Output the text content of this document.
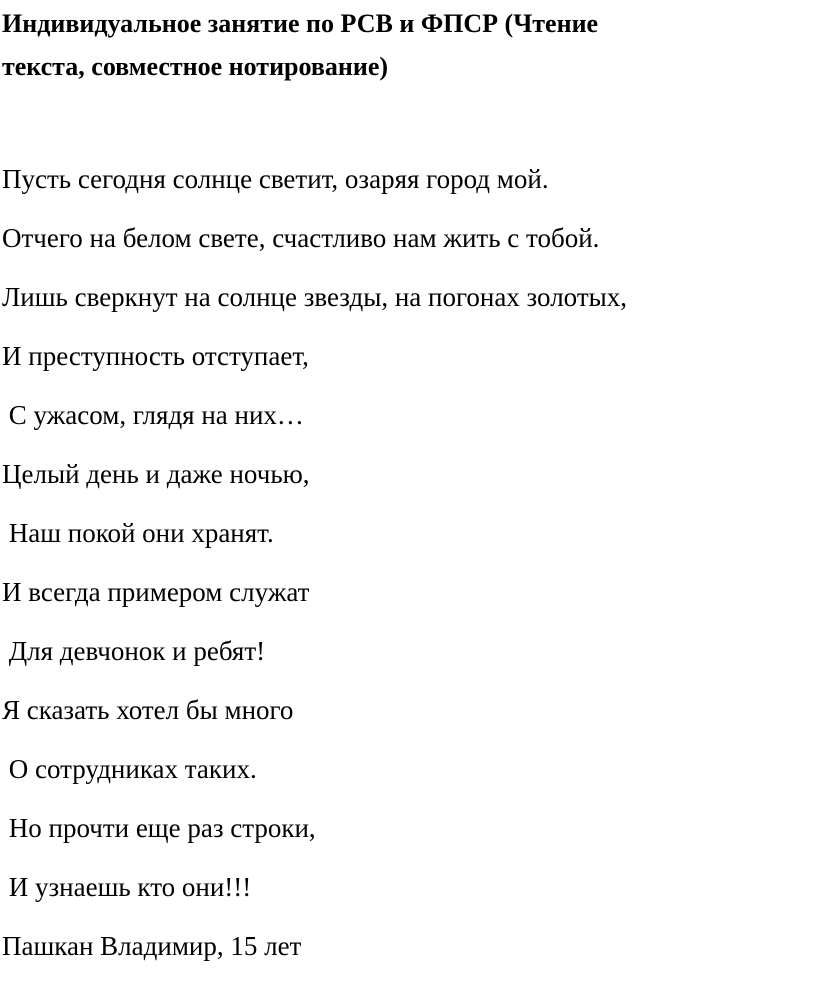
Индивидуальное занятие по РСВ и ФПСР (Чтение
текста, совместное нотирование)
Пусть сегодня солнце светит, озаряя город мой.
Отчего на белом свете, счастливо нам жить с тобой.
Лишь сверкнут на солнце звезды, на погонах золотых,
И преступность отступает,
С ужасом, глядя на них…
Целый день и даже ночью,
Наш покой они хранят.
И всегда примером служат
Для девчонок и ребят!
Я сказать хотел бы много
О сотрудниках таких.
Но прочти еще раз строки,
И узнаешь кто они!!!
Пашкан Владимир, 15 лет
